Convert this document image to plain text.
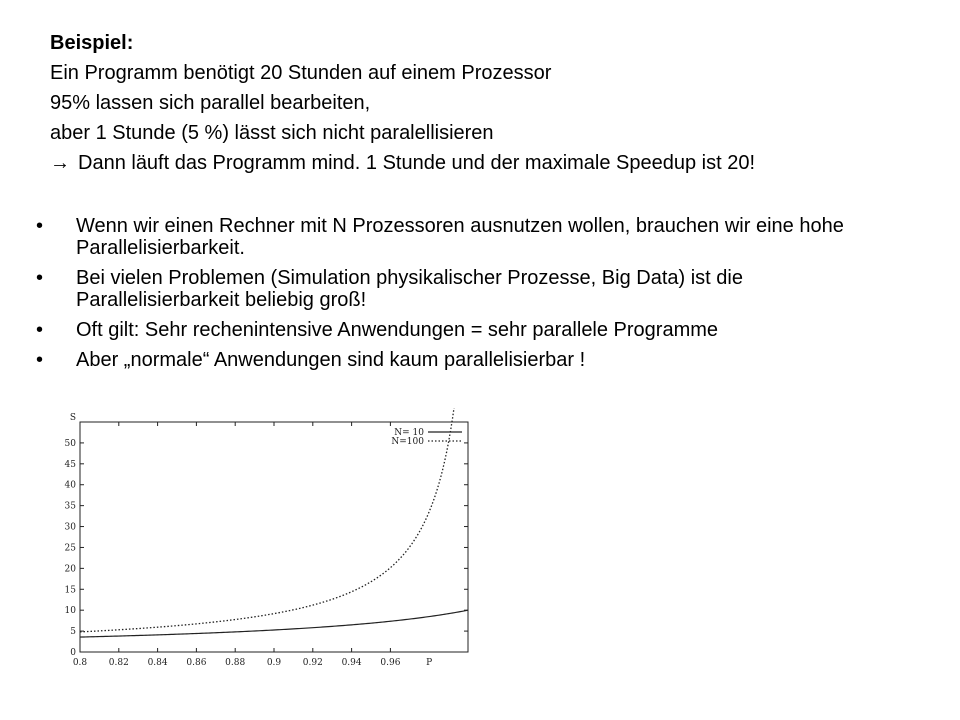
Beispiel:
Ein Programm benötigt 20 Stunden auf einem Prozessor
95% lassen sich parallel bearbeiten,
aber 1 Stunde (5 %) lässt sich nicht paralellisieren
→ Dann läuft das Programm mind. 1 Stunde und der maximale Speedup ist 20!
• Wenn wir einen Rechner mit N Prozessoren ausnutzen wollen, brauchen wir eine hohe Parallelisierbarkeit.
• Bei vielen Problemen (Simulation physikalischer Prozesse, Big Data) ist die Parallelisierbarkeit beliebig groß!
• Oft gilt: Sehr rechenintensive Anwendungen = sehr parallele Programme
• Aber „normale“ Anwendungen sind kaum parallelisierbar !
0
5
10
15
20
25
30
35
40
45
50
S
0.8 0.82 0.84 0.86 0.88 0.9 0.92 0.94 0.96	P
N= 10
N=100
